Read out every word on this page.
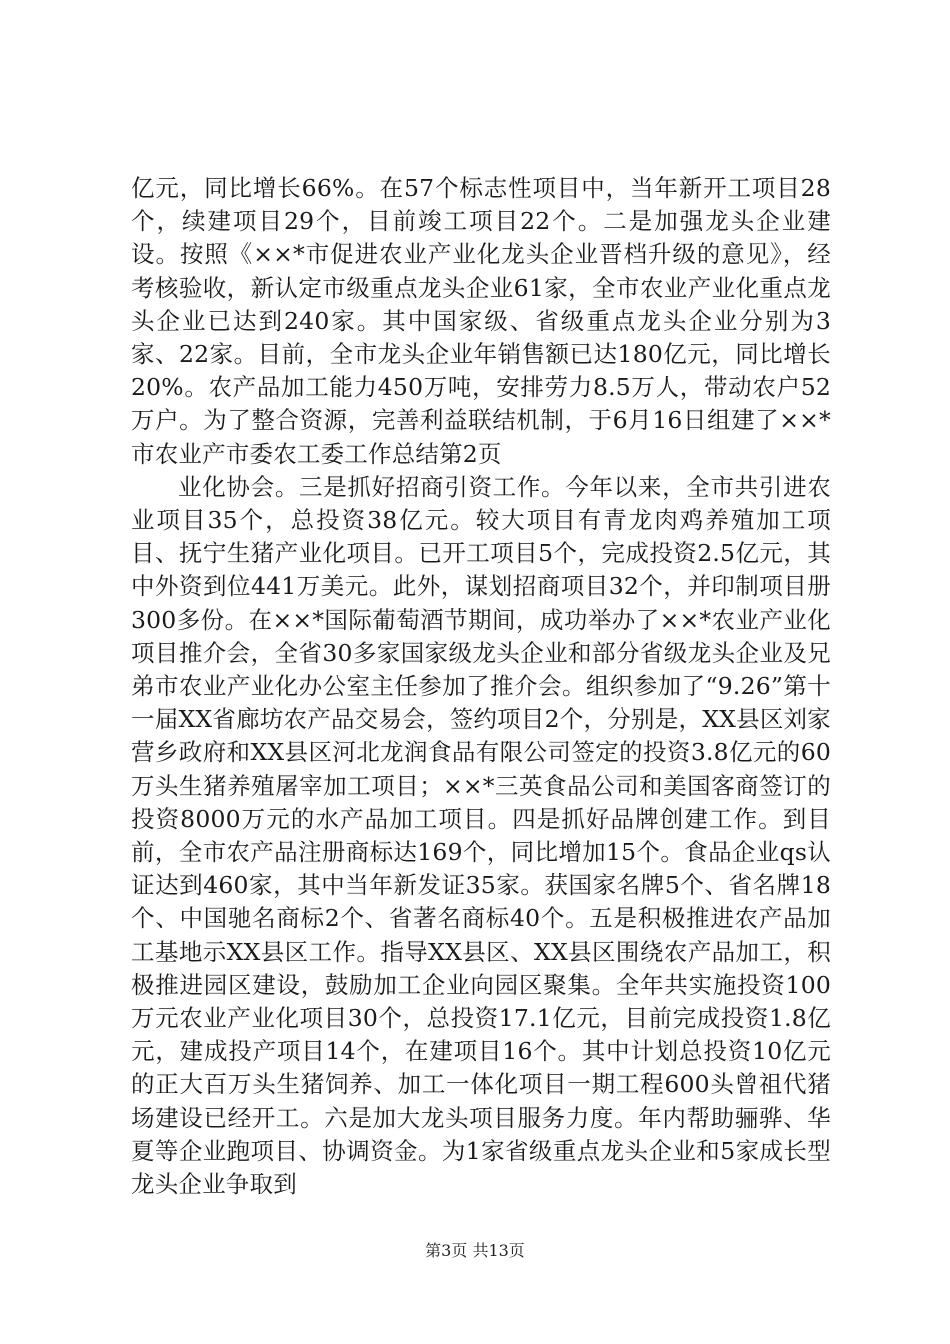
亿元，同比增长66%。在57个标志性项目中，当年新开工项目28个，续建项目29个，目前竣工项目22个。二是加强龙头企业建设。按照《××*市促进农业产业化龙头企业晋档升级的意见》，经考核验收，新认定市级重点龙头企业61家，全市农业产业化重点龙头企业已达到240家。其中国家级、省级重点龙头企业分别为3家、22家。目前，全市龙头企业年销售额已达180亿元，同比增长20%。农产品加工能力450万吨，安排劳力8.5万人，带动农户52万户。为了整合资源，完善利益联结机制，于6月16日组建了××*市农业产市委农工委工作总结第2页

业化协会。三是抓好招商引资工作。今年以来，全市共引进农业项目35个，总投资38亿元。较大项目有青龙肉鸡养殖加工项目、抚宁生猪产业化项目。已开工项目5个，完成投资2.5亿元，其中外资到位441万美元。此外，谋划招商项目32个，并印制项目册300多份。在××*国际葡萄酒节期间，成功举办了××*农业产业化项目推介会，全省30多家国家级龙头企业和部分省级龙头企业及兄弟市农业产业化办公室主任参加了推介会。组织参加了“9.26”第十一届XX省廊坊农产品交易会，签约项目2个，分别是，XX县区刘家营乡政府和XX县区河北龙润食品有限公司签定的投资3.8亿元的60万头生猪养殖屠宰加工项目；××*三英食品公司和美国客商签订的投资8000万元的水产品加工项目。四是抓好品牌创建工作。到目前，全市农产品注册商标达169个，同比增加15个。食品企业qs认证达到460家，其中当年新发证35家。获国家名牌5个、省名牌18个、中国驰名商标2个、省著名商标40个。五是积极推进农产品加工基地示XX县区工作。指导XX县区、XX县区围绕农产品加工，积极推进园区建设，鼓励加工企业向园区聚集。全年共实施投资100万元农业产业化项目30个，总投资17.1亿元，目前完成投资1.8亿元，建成投产项目14个，在建项目16个。其中计划总投资10亿元的正大百万头生猪饲养、加工一体化项目一期工程600头曾祖代猪场建设已经开工。六是加大龙头项目服务力度。年内帮助骊骅、华夏等企业跑项目、协调资金。为1家省级重点龙头企业和5家成长型龙头企业争取到

第3页 共13页
